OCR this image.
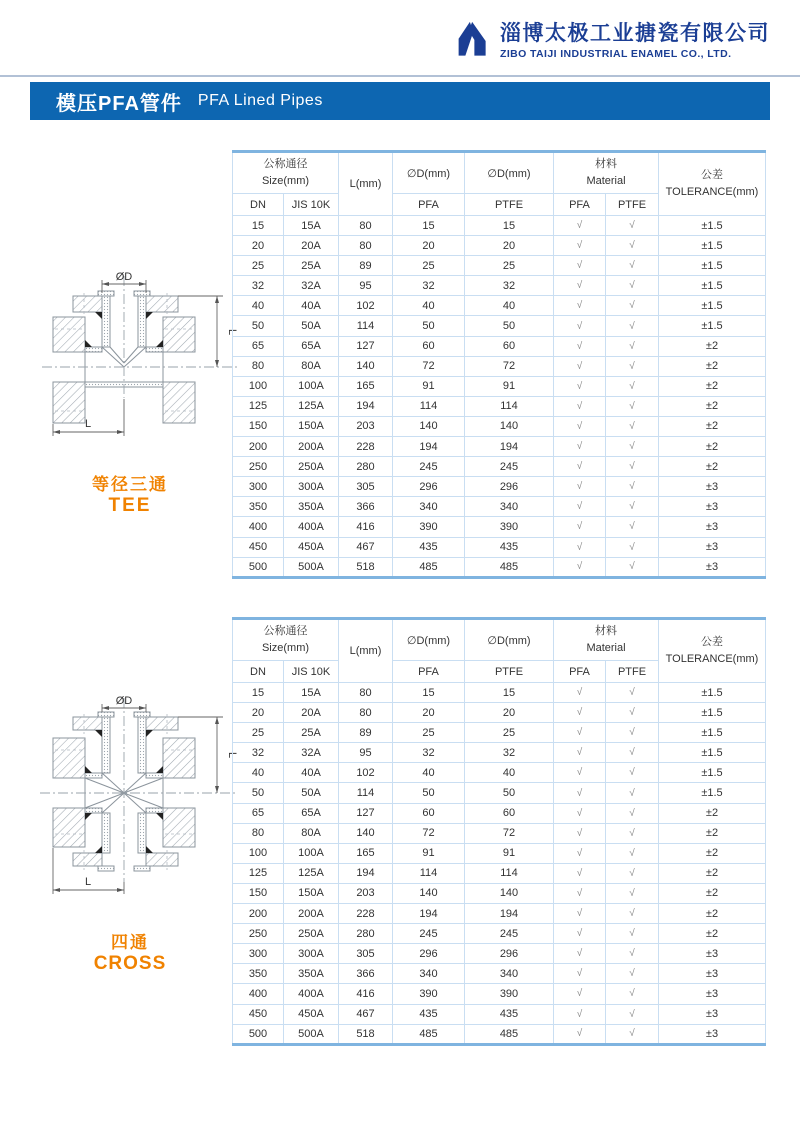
淄博太极工业搪瓷有限公司
ZIBO TAIJI INDUSTRIAL ENAMEL CO., LTD.
模压PFA管件 PFA Lined Pipes
ØD
L
L
等径三通
TEE
公称通径
Size(mm)	L(mm)	∅D(mm)	∅D(mm)	
材料
Material

公差
TOLERANCE(mm)

DN	JIS 10K		PFA	PTFE	PFA	PTFE	
15	15A	80	15	15	√	√	±1.5
20	20A	80	20	20	√	√	±1.5
25	25A	89	25	25	√	√	±1.5
32	32A	95	32	32	√	√	±1.5
40	40A	102	40	40	√	√	±1.5
50	50A	114	50	50	√	√	±1.5
65	65A	127	60	60	√	√	±2
80	80A	140	72	72	√	√	±2
100	100A	165	91	91	√	√	±2
125	125A	194	114	114	√	√	±2
150	150A	203	140	140	√	√	±2
200	200A	228	194	194	√	√	±2
250	250A	280	245	245	√	√	±2
300	300A	305	296	296	√	√	±3
350	350A	366	340	340	√	√	±3
400	400A	416	390	390	√	√	±3
450	450A	467	435	435	√	√	±3
500	500A	518	485	485	√	√	±3
ØD
L
L
四通
CROSS
公称通径
Size(mm)	L(mm)	∅D(mm)	∅D(mm)	
材料
Material

公差
TOLERANCE(mm)

DN	JIS 10K		PFA	PTFE	PFA	PTFE	
15	15A	80	15	15	√	√	±1.5
20	20A	80	20	20	√	√	±1.5
25	25A	89	25	25	√	√	±1.5
32	32A	95	32	32	√	√	±1.5
40	40A	102	40	40	√	√	±1.5
50	50A	114	50	50	√	√	±1.5
65	65A	127	60	60	√	√	±2
80	80A	140	72	72	√	√	±2
100	100A	165	91	91	√	√	±2
125	125A	194	114	114	√	√	±2
150	150A	203	140	140	√	√	±2
200	200A	228	194	194	√	√	±2
250	250A	280	245	245	√	√	±2
300	300A	305	296	296	√	√	±3
350	350A	366	340	340	√	√	±3
400	400A	416	390	390	√	√	±3
450	450A	467	435	435	√	√	±3
500	500A	518	485	485	√	√	±3
